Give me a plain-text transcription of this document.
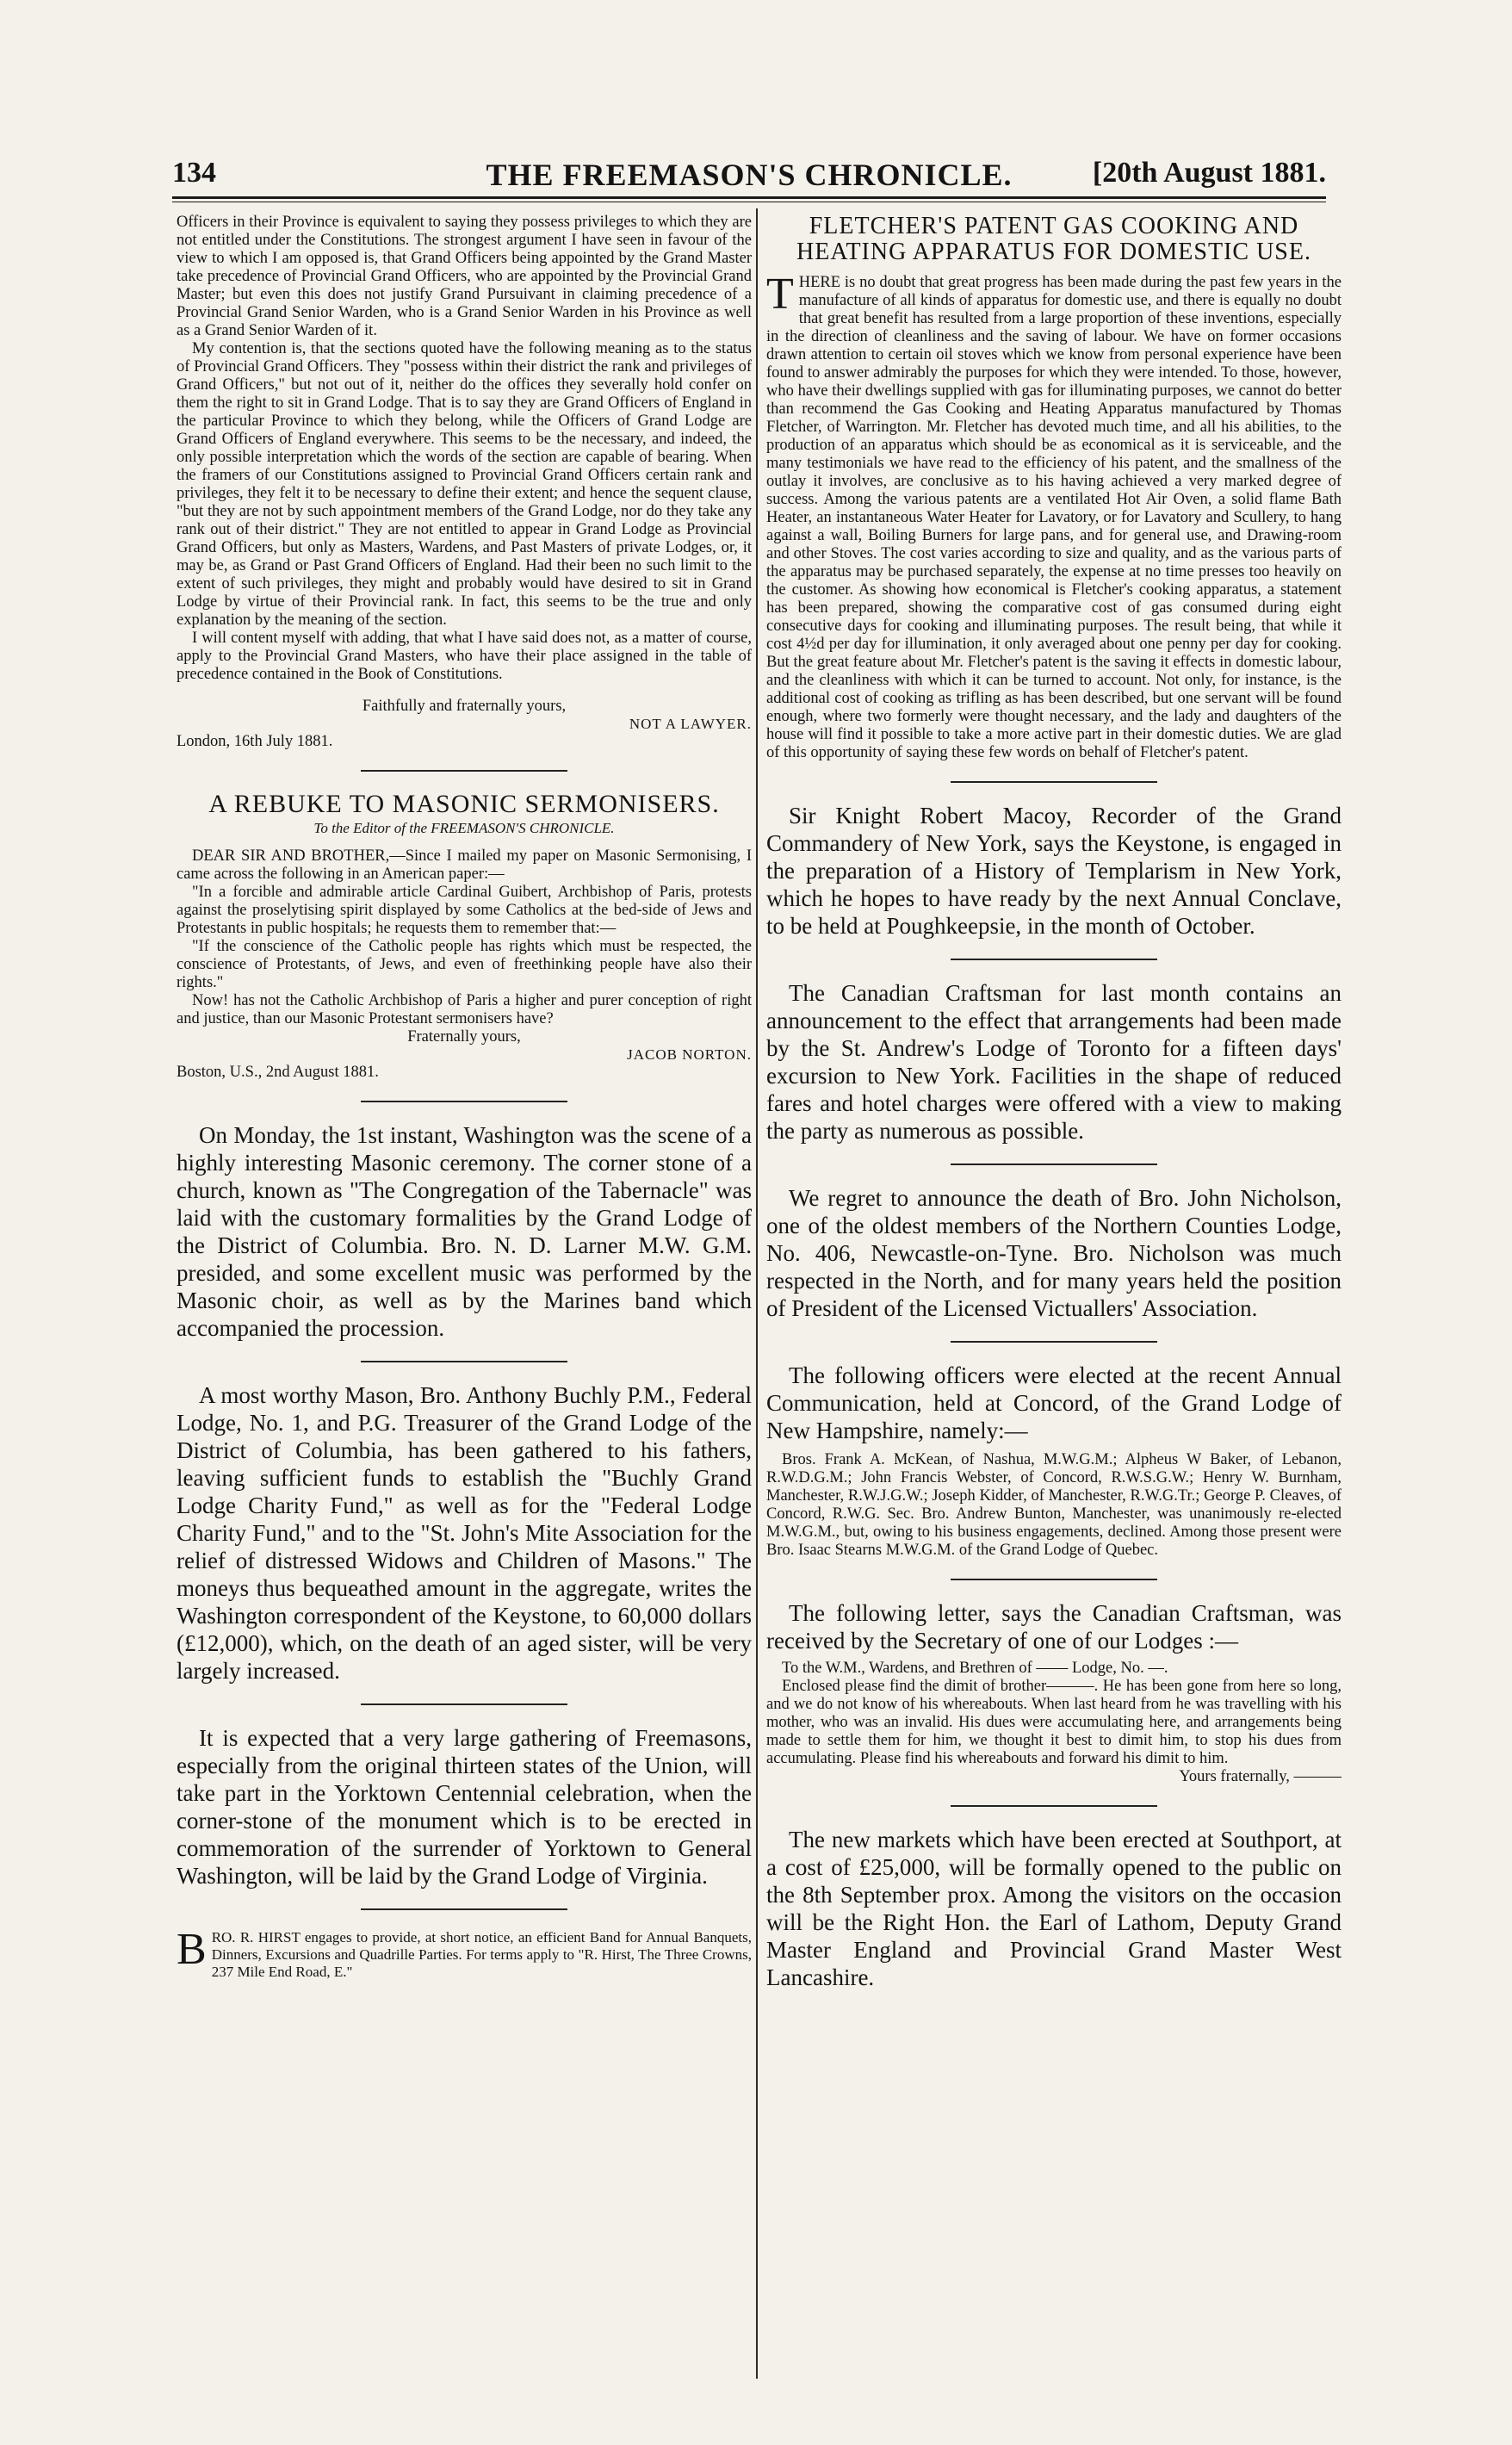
134	THE FREEMASON'S CHRONICLE.	[20th August 1881.

Officers in their Province is equivalent to saying they possess privileges to which they are not entitled under the Constitutions. The strongest argument I have seen in favour of the view to which I am opposed is, that Grand Officers being appointed by the Grand Master take precedence of Provincial Grand Officers, who are appointed by the Provincial Grand Master; but even this does not justify Grand Pursuivant in claiming precedence of a Provincial Grand Senior Warden, who is a Grand Senior Warden in his Province as well as a Grand Senior Warden of it.

My contention is, that the sections quoted have the following meaning as to the status of Provincial Grand Officers. They "possess within their district the rank and privileges of Grand Officers," but not out of it, neither do the offices they severally hold confer on them the right to sit in Grand Lodge. That is to say they are Grand Officers of England in the particular Province to which they belong, while the Officers of Grand Lodge are Grand Officers of England everywhere. This seems to be the necessary, and indeed, the only possible interpretation which the words of the section are capable of bearing. When the framers of our Constitutions assigned to Provincial Grand Officers certain rank and privileges, they felt it to be necessary to define their extent; and hence the sequent clause, "but they are not by such appointment members of the Grand Lodge, nor do they take any rank out of their district." They are not entitled to appear in Grand Lodge as Provincial Grand Officers, but only as Masters, Wardens, and Past Masters of private Lodges, or, it may be, as Grand or Past Grand Officers of England. Had their been no such limit to the extent of such privileges, they might and probably would have desired to sit in Grand Lodge by virtue of their Provincial rank. In fact, this seems to be the true and only explanation by the meaning of the section.

I will content myself with adding, that what I have said does not, as a matter of course, apply to the Provincial Grand Masters, who have their place assigned in the table of precedence contained in the Book of Constitutions.

Faithfully and fraternally yours,

NOT A LAWYER.

London, 16th July 1881.

A REBUKE TO MASONIC SERMONISERS.
To the Editor of the FREEMASON'S CHRONICLE.

DEAR SIR AND BROTHER,—Since I mailed my paper on Masonic Sermonising, I came across the following in an American paper:—

"In a forcible and admirable article Cardinal Guibert, Archbishop of Paris, protests against the proselytising spirit displayed by some Catholics at the bed-side of Jews and Protestants in public hospitals; he requests them to remember that:—

"If the conscience of the Catholic people has rights which must be respected, the conscience of Protestants, of Jews, and even of freethinking people have also their rights."

Now! has not the Catholic Archbishop of Paris a higher and purer conception of right and justice, than our Masonic Protestant sermonisers have?

Fraternally yours,

JACOB NORTON.

Boston, U.S., 2nd August 1881.

On Monday, the 1st instant, Washington was the scene of a highly interesting Masonic ceremony. The corner stone of a church, known as "The Congregation of the Tabernacle" was laid with the customary formalities by the Grand Lodge of the District of Columbia. Bro. N. D. Larner M.W. G.M. presided, and some excellent music was performed by the Masonic choir, as well as by the Marines band which accompanied the procession.

A most worthy Mason, Bro. Anthony Buchly P.M., Federal Lodge, No. 1, and P.G. Treasurer of the Grand Lodge of the District of Columbia, has been gathered to his fathers, leaving sufficient funds to establish the "Buchly Grand Lodge Charity Fund," as well as for the "Federal Lodge Charity Fund," and to the "St. John's Mite Association for the relief of distressed Widows and Children of Masons." The moneys thus bequeathed amount in the aggregate, writes the Washington correspondent of the Keystone, to 60,000 dollars (£12,000), which, on the death of an aged sister, will be very largely increased.

It is expected that a very large gathering of Freemasons, especially from the original thirteen states of the Union, will take part in the Yorktown Centennial celebration, when the corner-stone of the monument which is to be erected in commemoration of the surrender of Yorktown to General Washington, will be laid by the Grand Lodge of Virginia.

B RO. R. HIRST engages to provide, at short notice, an efficient Band for Annual Banquets, Dinners, Excursions and Quadrille Parties. For terms apply to "R. Hirst, The Three Crowns, 237 Mile End Road, E."

FLETCHER'S PATENT GAS COOKING AND HEATING APPARATUS FOR DOMESTIC USE.
T HERE is no doubt that great progress has been made during the past few years in the manufacture of all kinds of apparatus for domestic use, and there is equally no doubt that great benefit has resulted from a large proportion of these inventions, especially in the direction of cleanliness and the saving of labour. We have on former occasions drawn attention to certain oil stoves which we know from personal experience have been found to answer admirably the purposes for which they were intended. To those, however, who have their dwellings supplied with gas for illuminating purposes, we cannot do better than recommend the Gas Cooking and Heating Apparatus manufactured by Thomas Fletcher, of Warrington. Mr. Fletcher has devoted much time, and all his abilities, to the production of an apparatus which should be as economical as it is serviceable, and the many testimonials we have read to the efficiency of his patent, and the smallness of the outlay it involves, are conclusive as to his having achieved a very marked degree of success. Among the various patents are a ventilated Hot Air Oven, a solid flame Bath Heater, an instantaneous Water Heater for Lavatory, or for Lavatory and Scullery, to hang against a wall, Boiling Burners for large pans, and for general use, and Drawing-room and other Stoves. The cost varies according to size and quality, and as the various parts of the apparatus may be purchased separately, the expense at no time presses too heavily on the customer. As showing how economical is Fletcher's cooking apparatus, a statement has been prepared, showing the comparative cost of gas consumed during eight consecutive days for cooking and illuminating purposes. The result being, that while it cost 4½d per day for illumination, it only averaged about one penny per day for cooking. But the great feature about Mr. Fletcher's patent is the saving it effects in domestic labour, and the cleanliness with which it can be turned to account. Not only, for instance, is the additional cost of cooking as trifling as has been described, but one servant will be found enough, where two formerly were thought necessary, and the lady and daughters of the house will find it possible to take a more active part in their domestic duties. We are glad of this opportunity of saying these few words on behalf of Fletcher's patent.

Sir Knight Robert Macoy, Recorder of the Grand Commandery of New York, says the Keystone, is engaged in the preparation of a History of Templarism in New York, which he hopes to have ready by the next Annual Conclave, to be held at Poughkeepsie, in the month of October.

The Canadian Craftsman for last month contains an announcement to the effect that arrangements had been made by the St. Andrew's Lodge of Toronto for a fifteen days' excursion to New York. Facilities in the shape of reduced fares and hotel charges were offered with a view to making the party as numerous as possible.

We regret to announce the death of Bro. John Nicholson, one of the oldest members of the Northern Counties Lodge, No. 406, Newcastle-on-Tyne. Bro. Nicholson was much respected in the North, and for many years held the position of President of the Licensed Victuallers' Association.

The following officers were elected at the recent Annual Communication, held at Concord, of the Grand Lodge of New Hampshire, namely:—

Bros. Frank A. McKean, of Nashua, M.W.G.M.; Alpheus W Baker, of Lebanon, R.W.D.G.M.; John Francis Webster, of Concord, R.W.S.G.W.; Henry W. Burnham, Manchester, R.W.J.G.W.; Joseph Kidder, of Manchester, R.W.G.Tr.; George P. Cleaves, of Concord, R.W.G. Sec. Bro. Andrew Bunton, Manchester, was unanimously re-elected M.W.G.M., but, owing to his business engagements, declined. Among those present were Bro. Isaac Stearns M.W.G.M. of the Grand Lodge of Quebec.

The following letter, says the Canadian Craftsman, was received by the Secretary of one of our Lodges :—

To the W.M., Wardens, and Brethren of —— Lodge, No. —.

Enclosed please find the dimit of brother———. He has been gone from here so long, and we do not know of his whereabouts. When last heard from he was travelling with his mother, who was an invalid. His dues were accumulating here, and arrangements being made to settle them for him, we thought it best to dimit him, to stop his dues from accumulating. Please find his whereabouts and forward his dimit to him.

Yours fraternally, ———

The new markets which have been erected at Southport, at a cost of £25,000, will be formally opened to the public on the 8th September prox. Among the visitors on the occasion will be the Right Hon. the Earl of Lathom, Deputy Grand Master England and Provincial Grand Master West Lancashire.
